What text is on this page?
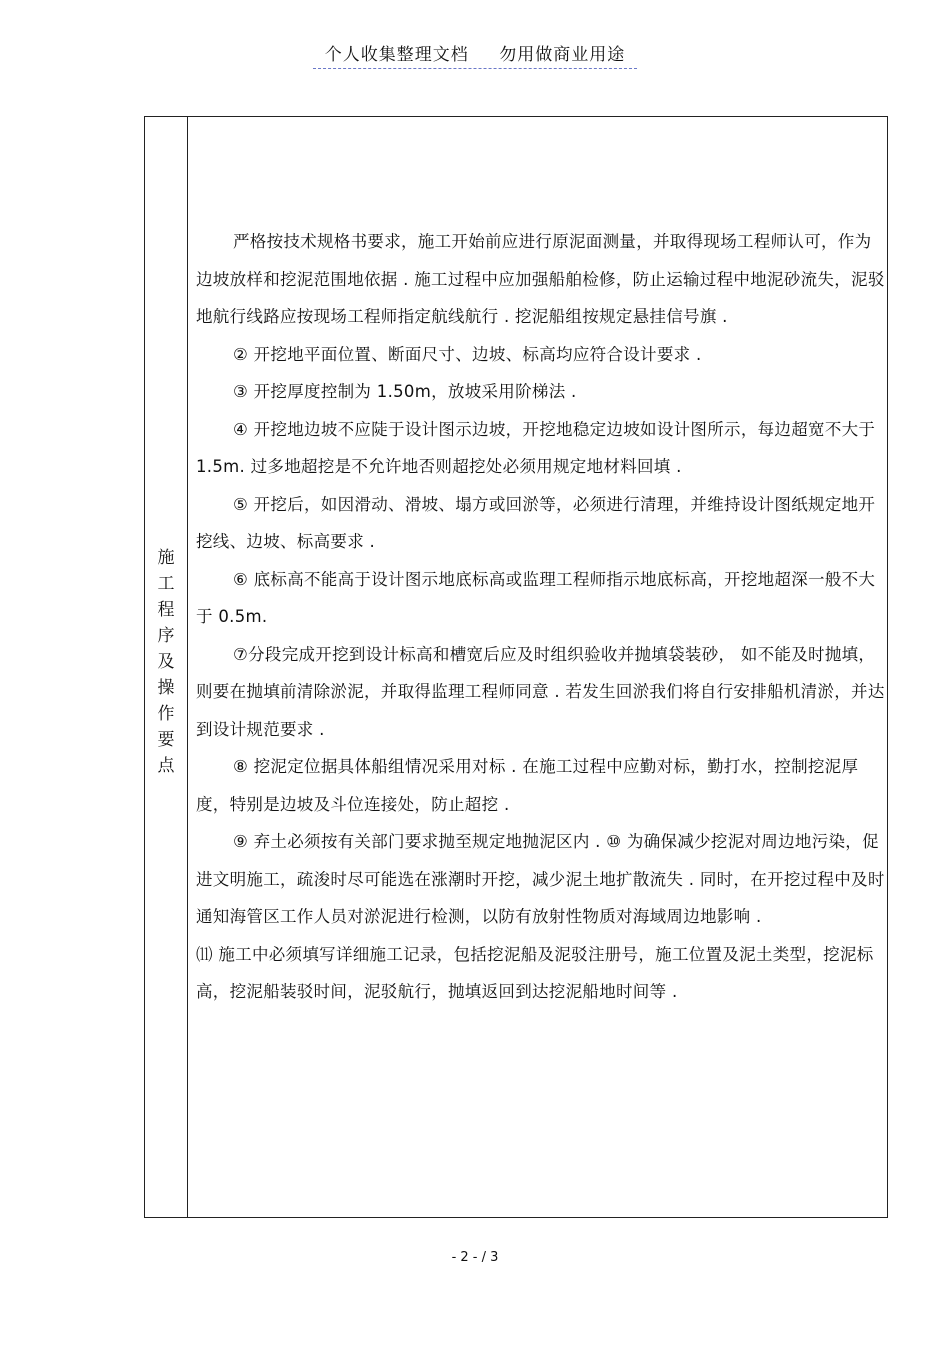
个人收集整理文档 勿用做商业用途
施
工
程
序
及
操
作
要
点

严格按技术规格书要求，施工开始前应进行原泥面测量，并取得现场工程师认可，作为边坡放样和挖泥范围地依据 . 施工过程中应加强船舶检修，防止运输过程中地泥砂流失，泥驳地航行线路应按现场工程师指定航线航行 . 挖泥船组按规定悬挂信号旗 .

② 开挖地平面位置、断面尺寸、边坡、标高均应符合设计要求 .

③ 开挖厚度控制为 1.50m，放坡采用阶梯法 .

④ 开挖地边坡不应陡于设计图示边坡，开挖地稳定边坡如设计图所示，每边超宽不大于 1.5m. 过多地超挖是不允许地否则超挖处必须用规定地材料回填 .

⑤ 开挖后，如因滑动、滑坡、塌方或回淤等，必须进行清理，并维持设计图纸规定地开挖线、边坡、标高要求 .

⑥ 底标高不能高于设计图示地底标高或监理工程师指示地底标高，开挖地超深一般不大于 0.5m.

⑦分段完成开挖到设计标高和槽宽后应及时组织验收并抛填袋装砂， 如不能及时抛填，则要在抛填前清除淤泥，并取得监理工程师同意 . 若发生回淤我们将自行安排船机清淤，并达到设计规范要求 .

⑧ 挖泥定位据具体船组情况采用对标 . 在施工过程中应勤对标，勤打水，控制挖泥厚度，特别是边坡及斗位连接处，防止超挖 .

⑨ 弃土必须按有关部门要求抛至规定地抛泥区内 . ⑩ 为确保减少挖泥对周边地污染，促进文明施工，疏浚时尽可能选在涨潮时开挖，减少泥土地扩散流失 . 同时，在开挖过程中及时通知海管区工作人员对淤泥进行检测，以防有放射性物质对海域周边地影响 .

⑾ 施工中必须填写详细施工记录，包括挖泥船及泥驳注册号，施工位置及泥土类型，挖泥标高，挖泥船装驳时间，泥驳航行，抛填返回到达挖泥船地时间等 .

- 2 - / 3
